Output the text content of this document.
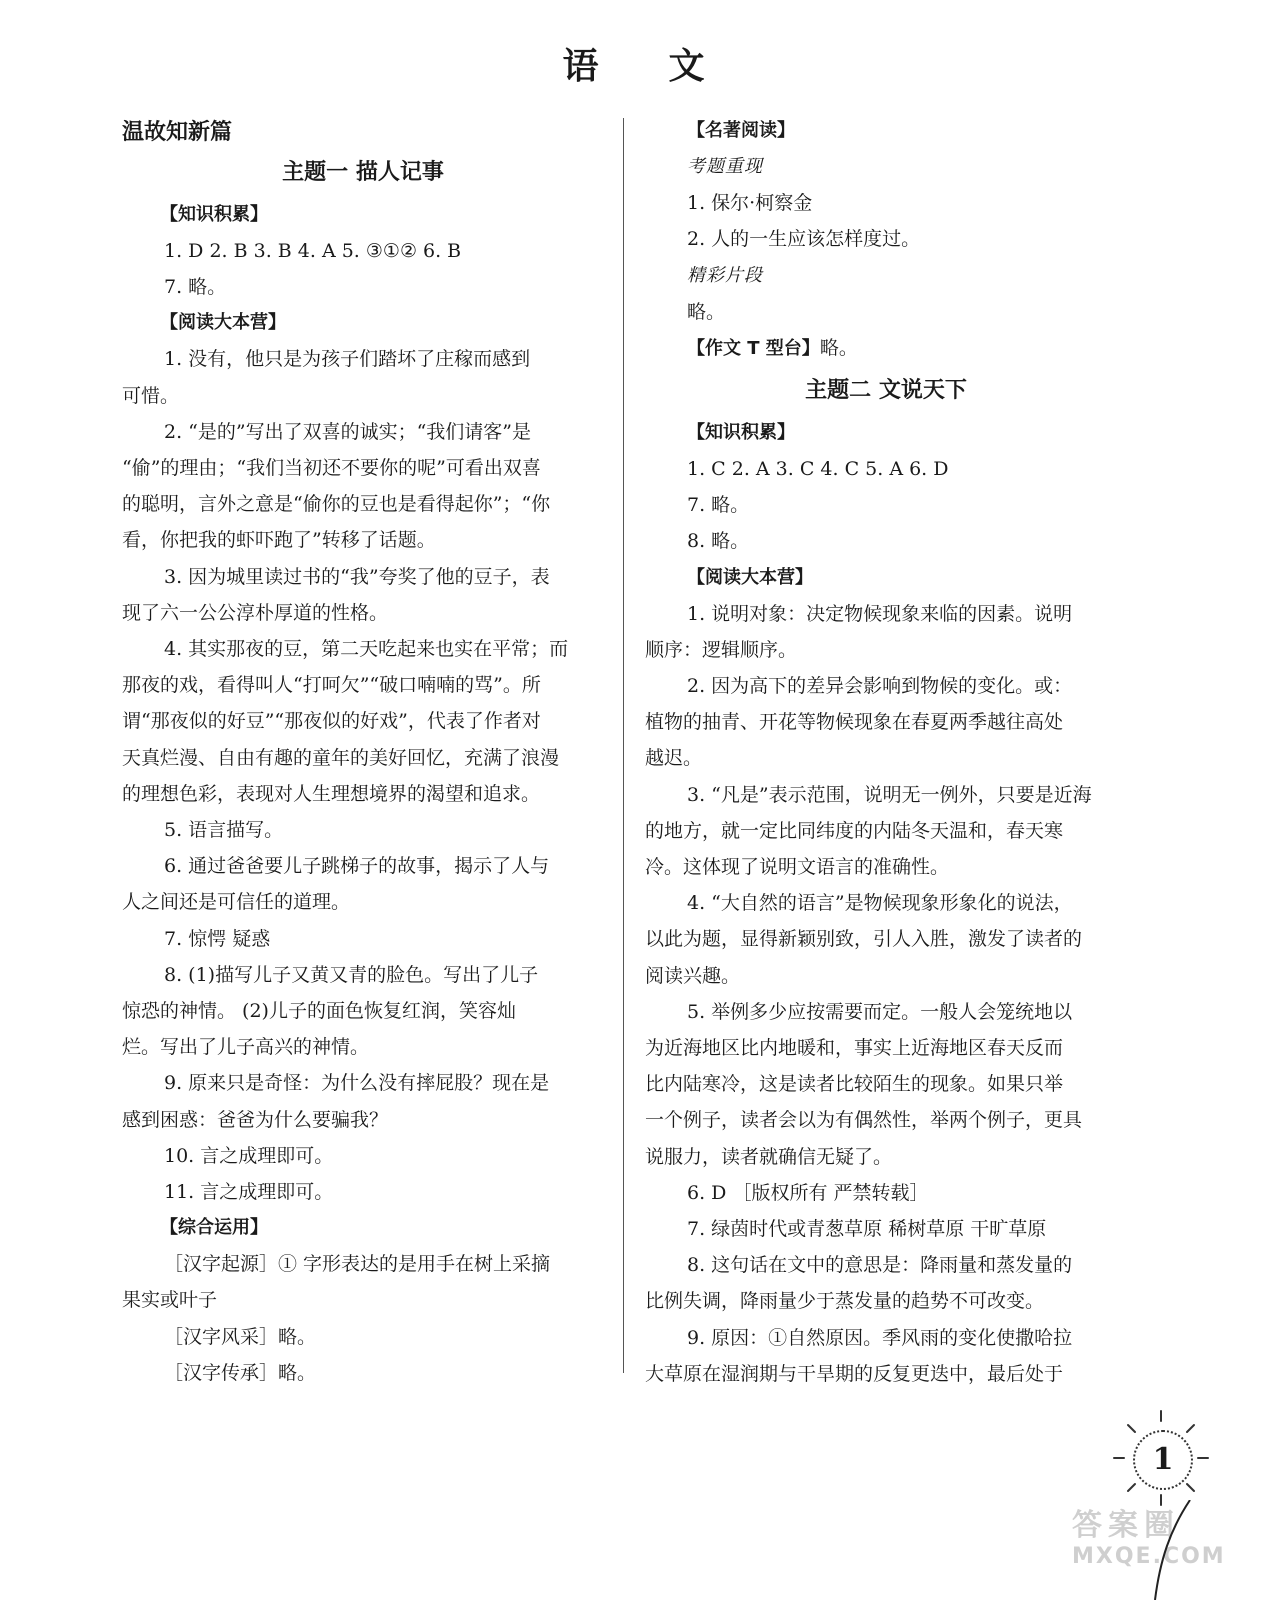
语 文
温故知新篇
主题一 描人记事
【知识积累】
1. D 2. B 3. B 4. A 5. ③①② 6. B
7. 略。
【阅读大本营】
1. 没有，他只是为孩子们踏坏了庄稼而感到
可惜。
2. “是的”写出了双喜的诚实；“我们请客”是
“偷”的理由；“我们当初还不要你的呢”可看出双喜
的聪明，言外之意是“偷你的豆也是看得起你”；“你
看，你把我的虾吓跑了”转移了话题。
3. 因为城里读过书的“我”夸奖了他的豆子，表
现了六一公公淳朴厚道的性格。
4. 其实那夜的豆，第二天吃起来也实在平常；而
那夜的戏，看得叫人“打呵欠”“破口喃喃的骂”。所
谓“那夜似的好豆”“那夜似的好戏”，代表了作者对
天真烂漫、自由有趣的童年的美好回忆，充满了浪漫
的理想色彩，表现对人生理想境界的渴望和追求。
5. 语言描写。
6. 通过爸爸要儿子跳梯子的故事，揭示了人与
人之间还是可信任的道理。
7. 惊愕 疑惑
8. (1)描写儿子又黄又青的脸色。写出了儿子
惊恐的神情。 (2)儿子的面色恢复红润，笑容灿
烂。写出了儿子高兴的神情。
9. 原来只是奇怪：为什么没有摔屁股？现在是
感到困惑：爸爸为什么要骗我？
10. 言之成理即可。
11. 言之成理即可。
【综合运用】
［汉字起源］① 字形表达的是用手在树上采摘
果实或叶子
［汉字风采］略。
［汉字传承］略。
【名著阅读】
考题重现
1. 保尔·柯察金
2. 人的一生应该怎样度过。
精彩片段
略。
【作文 T 型台】略。
主题二 文说天下
【知识积累】
1. C 2. A 3. C 4. C 5. A 6. D
7. 略。
8. 略。
【阅读大本营】
1. 说明对象：决定物候现象来临的因素。说明
顺序：逻辑顺序。
2. 因为高下的差异会影响到物候的变化。或：
植物的抽青、开花等物候现象在春夏两季越往高处
越迟。
3. “凡是”表示范围，说明无一例外，只要是近海
的地方，就一定比同纬度的内陆冬天温和，春天寒
冷。这体现了说明文语言的准确性。
4. “大自然的语言”是物候现象形象化的说法，
以此为题，显得新颖别致，引人入胜，激发了读者的
阅读兴趣。
5. 举例多少应按需要而定。一般人会笼统地以
为近海地区比内地暖和，事实上近海地区春天反而
比内陆寒冷，这是读者比较陌生的现象。如果只举
一个例子，读者会以为有偶然性，举两个例子，更具
说服力，读者就确信无疑了。
6. D ［版权所有 严禁转载］
7. 绿茵时代或青葱草原 稀树草原 干旷草原
8. 这句话在文中的意思是：降雨量和蒸发量的
比例失调，降雨量少于蒸发量的趋势不可改变。
9. 原因：①自然原因。季风雨的变化使撒哈拉
大草原在湿润期与干旱期的反复更迭中，最后处于
1
答案圈
MXQE.COM
